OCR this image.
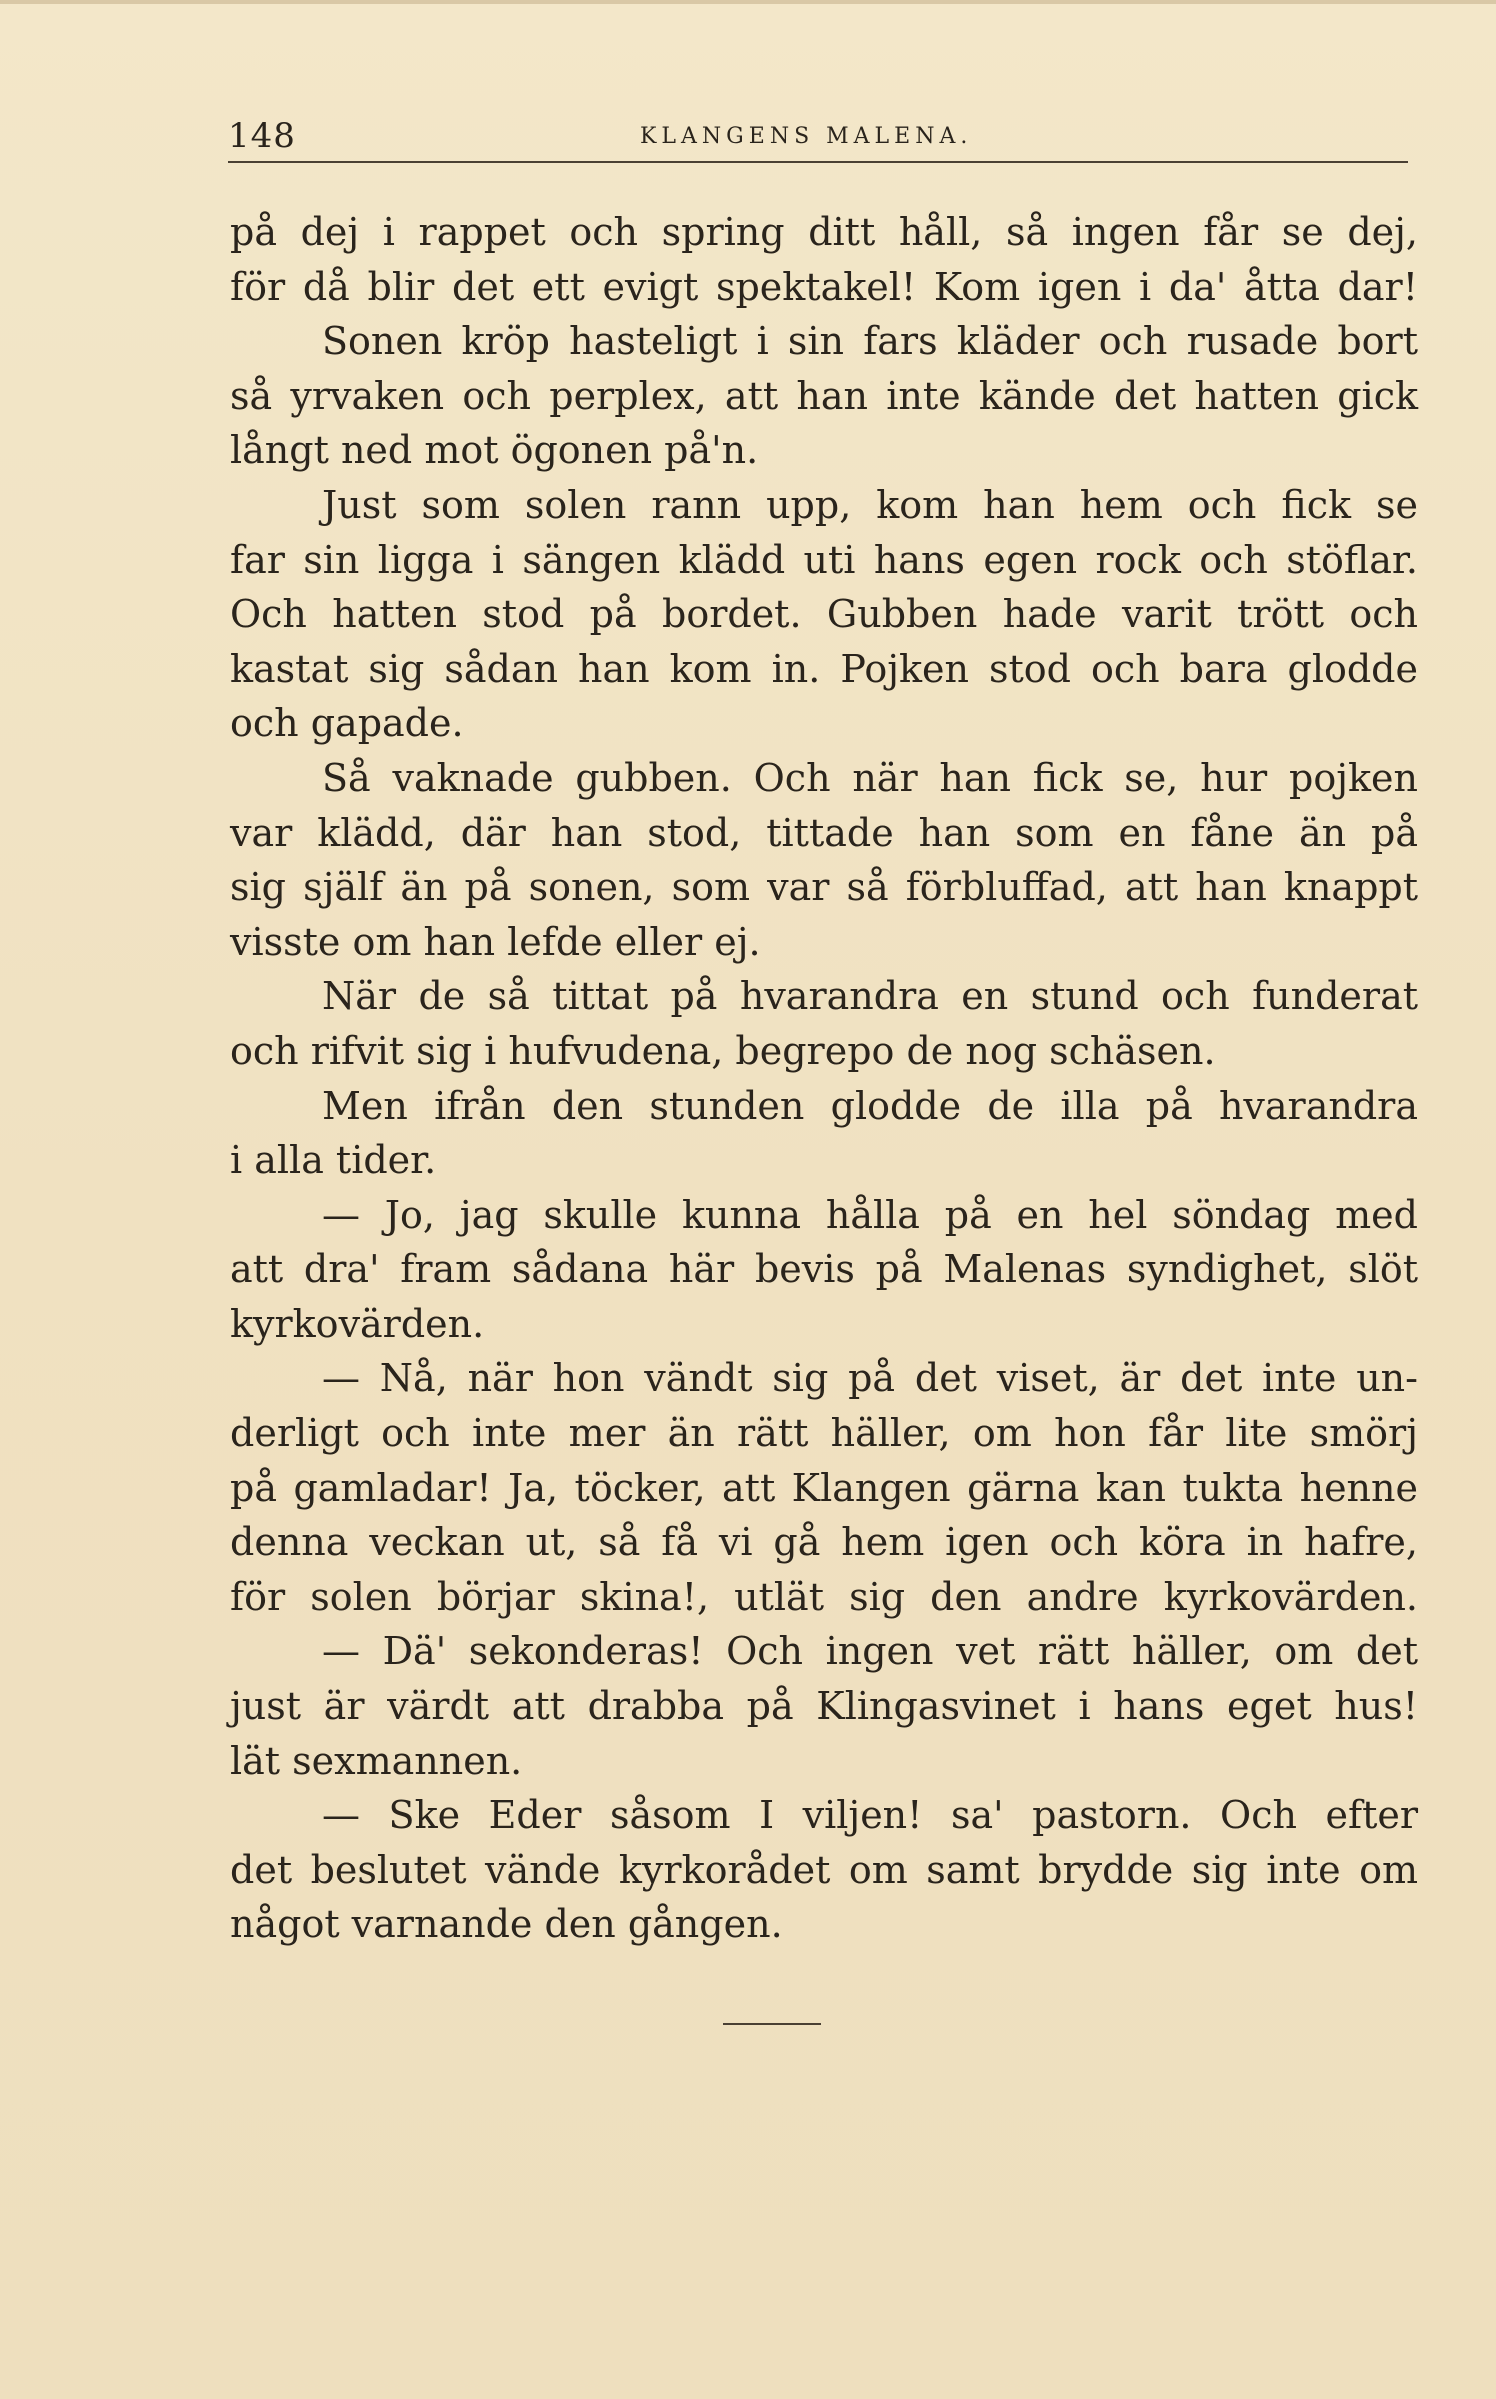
148	KLANGENS MALENA.
på dej i rappet och spring ditt håll, så ingen får se dej,
för då blir det ett evigt spektakel! Kom igen i da' åtta dar!
Sonen kröp hasteligt i sin fars kläder och rusade bort
så yrvaken och perplex, att han inte kände det hatten gick
långt ned mot ögonen på'n.
Just som solen rann upp, kom han hem och fick se
far sin ligga i sängen klädd uti hans egen rock och stöflar.
Och hatten stod på bordet. Gubben hade varit trött och
kastat sig sådan han kom in. Pojken stod och bara glodde
och gapade.
Så vaknade gubben. Och när han fick se, hur pojken
var klädd, där han stod, tittade han som en fåne än på
sig själf än på sonen, som var så förbluffad, att han knappt
visste om han lefde eller ej.
När de så tittat på hvarandra en stund och funderat
och rifvit sig i hufvudena, begrepo de nog schäsen.
Men ifrån den stunden glodde de illa på hvarandra
i alla tider.
— Jo, jag skulle kunna hålla på en hel söndag med
att dra' fram sådana här bevis på Malenas syndighet, slöt
kyrkovärden.
— Nå, när hon vändt sig på det viset, är det inte un-
derligt och inte mer än rätt häller, om hon får lite smörj
på gamladar! Ja, töcker, att Klangen gärna kan tukta henne
denna veckan ut, så få vi gå hem igen och köra in hafre,
för solen börjar skina!, utlät sig den andre kyrkovärden.
— Dä' sekonderas! Och ingen vet rätt häller, om det
just är värdt att drabba på Klingasvinet i hans eget hus!
lät sexmannen.
— Ske Eder såsom I viljen! sa' pastorn. Och efter
det beslutet vände kyrkorådet om samt brydde sig inte om
något varnande den gången.
